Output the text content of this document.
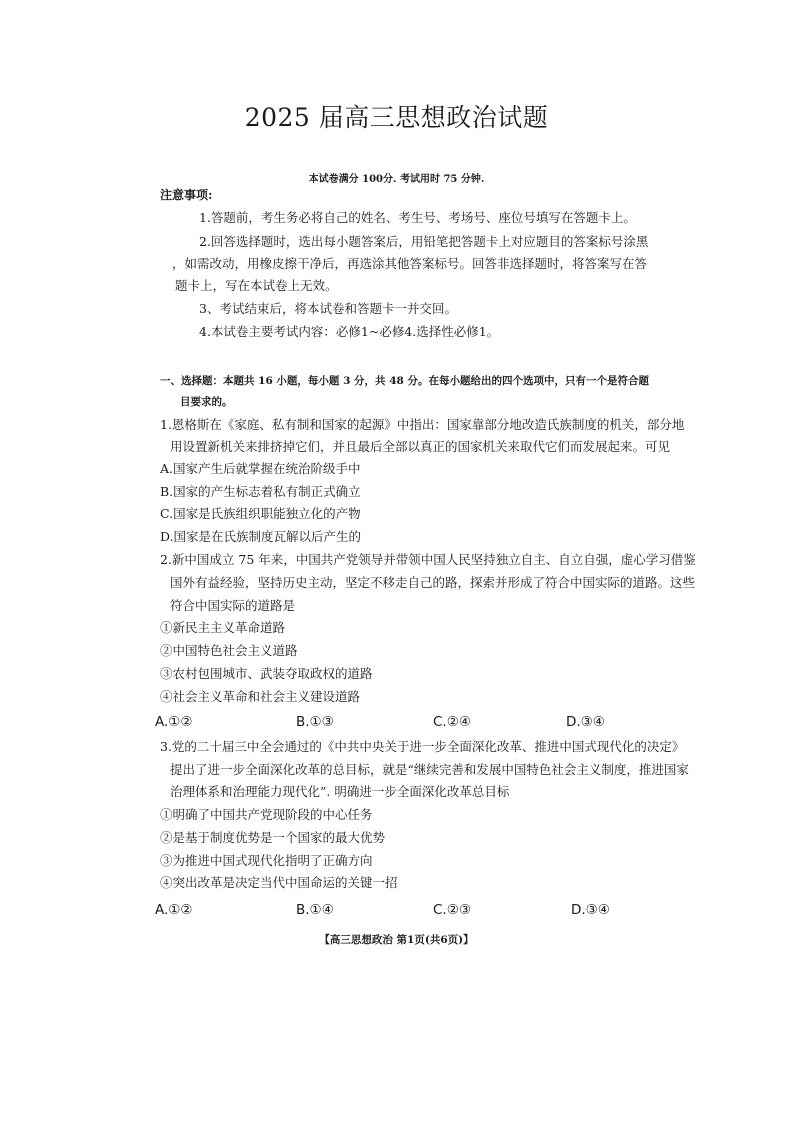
2025 届高三思想政治试题
本试卷满分 100分. 考试用时 75 分钟.
注意事项:
1.答题前，考生务必将自己的姓名、考生号、考场号、座位号填写在答题卡上。
2.回答选择题时，选出每小题答案后，用铅笔把答题卡上对应题目的答案标号涂黑
，如需改动，用橡皮擦干净后，再选涂其他答案标号。回答非选择题时，将答案写在答
题卡上，写在本试卷上无效。
3、考试结束后，将本试卷和答题卡一并交回。
4.本试卷主要考试内容：必修1~必修4.选择性必修1。
一、选择题：本题共 16 小题，每小题 3 分，共 48 分。在每小题给出的四个选项中，只有一个是符合题
目要求的。
1.恩格斯在《家庭、私有制和国家的起源》中指出：国家靠部分地改造氏族制度的机关，部分地
用设置新机关来排挤掉它们，并且最后全部以真正的国家机关来取代它们而发展起来。可见
A.国家产生后就掌握在统治阶级手中
B.国家的产生标志着私有制正式确立
C.国家是氏族组织职能独立化的产物
D.国家是在氏族制度瓦解以后产生的
2.新中国成立 75 年来，中国共产党领导并带领中国人民坚持独立自主、自立自强，虚心学习借鉴
国外有益经验，坚持历史主动，坚定不移走自己的路，探索并形成了符合中国实际的道路。这些
符合中国实际的道路是
①新民主主义革命道路
②中国特色社会主义道路
③农村包围城市、武装夺取政权的道路
④社会主义革命和社会主义建设道路
A.①②	B.①③	C.②④	D.③④
3.党的二十届三中全会通过的《中共中央关于进一步全面深化改革、推进中国式现代化的决定》
提出了进一步全面深化改革的总目标，就是“继续完善和发展中国特色社会主义制度，推进国家
治理体系和治理能力现代化”. 明确进一步全面深化改革总目标
①明确了中国共产党现阶段的中心任务
②是基于制度优势是一个国家的最大优势
③为推进中国式现代化指明了正确方向
④突出改革是决定当代中国命运的关键一招
A.①②	B.①④	C.②③	D.③④
【高三思想政治 第1页(共6页)】
